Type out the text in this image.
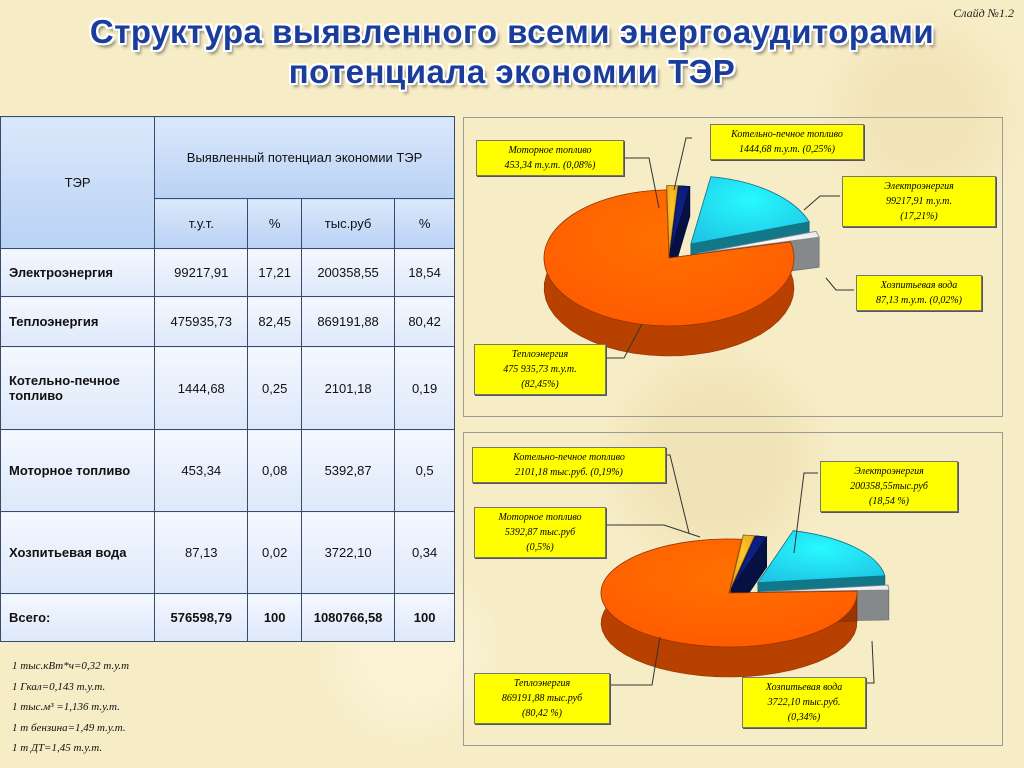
Слайд №1.2
Структура выявленного всеми энергоаудиторами
потенциала экономии ТЭР
ТЭР	Выявленный потенциал экономии ТЭР			
	т.у.т.	%	тыс.руб	%
Электроэнергия	99217,91	17,21	200358,55	18,54
Теплоэнергия	475935,73	82,45	869191,88	80,42
Котельно-печное топливо	1444,68	0,25	2101,18	0,19
Моторное топливо	453,34	0,08	5392,87	0,5
Хозпитьевая вода	87,13	0,02	3722,10	0,34
Всего:	576598,79	100	1080766,58	100
1 тыс.кВт*ч=0,32 т.у.т
1 Гкал=0,143 т.у.т.
1 тыс.м³ =1,136 т.у.т.
1 т бензина=1,49 т.у.т.
1 т ДТ=1,45 т.у.т.
Моторное топливо
453,34 т.у.т. (0,08%)
Котельно-печное топливо
1444,68 т.у.т. (0,25%)
Электроэнергия
99217,91 т.у.т.
(17,21%)
Хозпитьевая вода
87,13 т.у.т. (0,02%)
Теплоэнергия
475 935,73 т.у.т.
(82,45%)
Котельно-печное топливо
2101,18 тыс.руб. (0,19%)
Моторное топливо
5392,87 тыс.руб
(0,5%)
Электроэнергия
200358,55тыс.руб
(18,54 %)
Хозпитьевая вода
3722,10 тыс.руб.
(0,34%)
Теплоэнергия
869191,88 тыс.руб
(80,42 %)
